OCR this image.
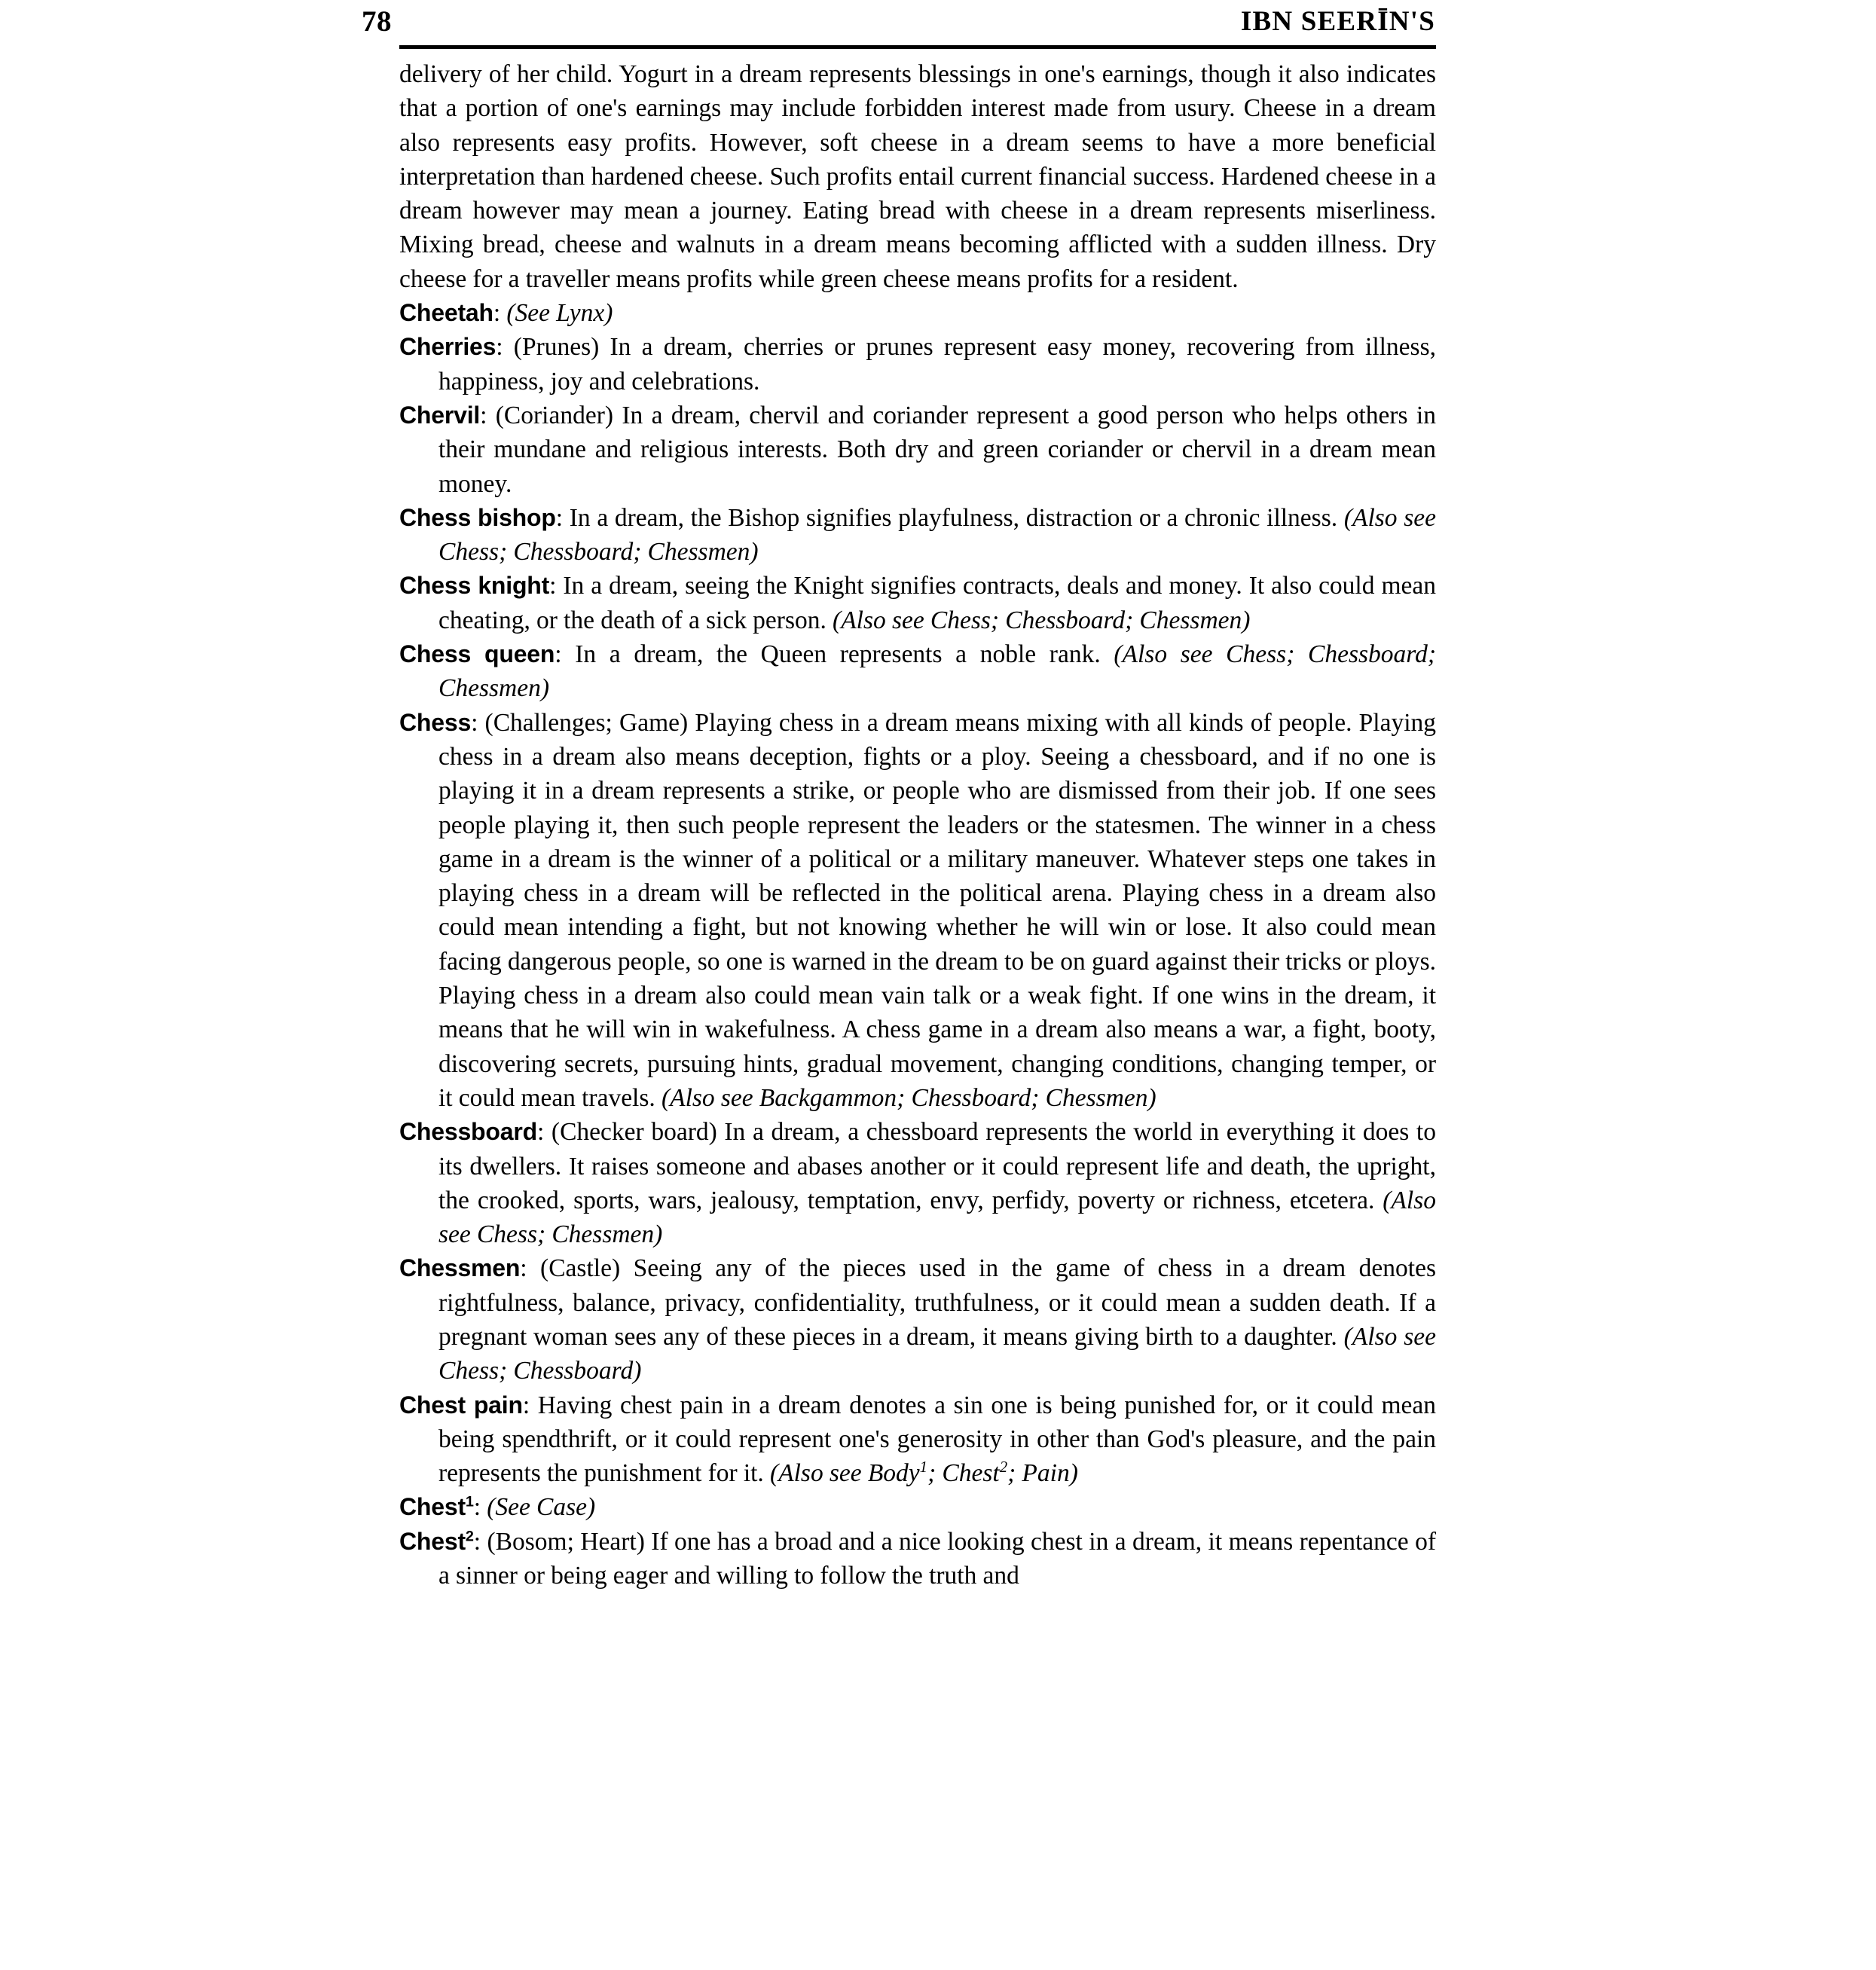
78	IBN SEERĪN'S

delivery of her child. Yogurt in a dream represents blessings in one's earnings, though it also indicates that a portion of one's earnings may include forbidden interest made from usury. Cheese in a dream also represents easy profits. However, soft cheese in a dream seems to have a more beneficial interpretation than hardened cheese. Such profits entail current financial success. Hardened cheese in a dream however may mean a journey. Eating bread with cheese in a dream represents miserliness. Mixing bread, cheese and walnuts in a dream means becoming afflicted with a sudden illness. Dry cheese for a traveller means profits while green cheese means profits for a resident.

Cheetah: (See Lynx)

Cherries: (Prunes) In a dream, cherries or prunes represent easy money, recovering from illness, happiness, joy and celebrations.

Chervil: (Coriander) In a dream, chervil and coriander represent a good person who helps others in their mundane and religious interests. Both dry and green coriander or chervil in a dream mean money.

Chess bishop: In a dream, the Bishop signifies playfulness, distraction or a chronic illness. (Also see Chess; Chessboard; Chessmen)

Chess knight: In a dream, seeing the Knight signifies contracts, deals and money. It also could mean cheating, or the death of a sick person. (Also see Chess; Chessboard; Chessmen)

Chess queen: In a dream, the Queen represents a noble rank. (Also see Chess; Chessboard; Chessmen)

Chess: (Challenges; Game) Playing chess in a dream means mixing with all kinds of people. Playing chess in a dream also means deception, fights or a ploy. Seeing a chessboard, and if no one is playing it in a dream represents a strike, or people who are dismissed from their job. If one sees people playing it, then such people represent the leaders or the statesmen. The winner in a chess game in a dream is the winner of a political or a military maneuver. Whatever steps one takes in playing chess in a dream will be reflected in the political arena. Playing chess in a dream also could mean intending a fight, but not knowing whether he will win or lose. It also could mean facing dangerous people, so one is warned in the dream to be on guard against their tricks or ploys. Playing chess in a dream also could mean vain talk or a weak fight. If one wins in the dream, it means that he will win in wakefulness. A chess game in a dream also means a war, a fight, booty, discovering secrets, pursuing hints, gradual movement, changing conditions, changing temper, or it could mean travels. (Also see Backgammon; Chessboard; Chessmen)

Chessboard: (Checker board) In a dream, a chessboard represents the world in everything it does to its dwellers. It raises someone and abases another or it could represent life and death, the upright, the crooked, sports, wars, jealousy, temptation, envy, perfidy, poverty or richness, etcetera. (Also see Chess; Chessmen)

Chessmen: (Castle) Seeing any of the pieces used in the game of chess in a dream denotes rightfulness, balance, privacy, confidentiality, truthfulness, or it could mean a sudden death. If a pregnant woman sees any of these pieces in a dream, it means giving birth to a daughter. (Also see Chess; Chessboard)

Chest pain: Having chest pain in a dream denotes a sin one is being punished for, or it could mean being spendthrift, or it could represent one's generosity in other than God's pleasure, and the pain represents the punishment for it. (Also see Body$^1$; Chest$^2$; Pain)

Chest$^1$: (See Case)

Chest$^2$: (Bosom; Heart) If one has a broad and a nice looking chest in a dream, it means repentance of a sinner or being eager and willing to follow the truth and
